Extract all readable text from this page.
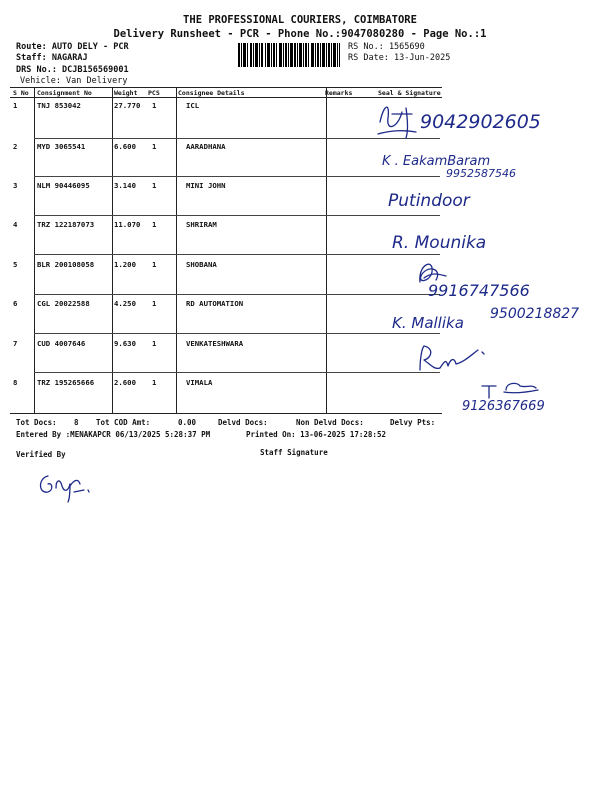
THE PROFESSIONAL COURIERS, COIMBATORE
Delivery Runsheet - PCR - Phone No.:9047080280 - Page No.:1
Route: AUTO DELY - PCR
Staff: NAGARAJ
DRS No.: DCJB156569001
Vehicle: Van Delivery
RS No.: 1565690
RS Date: 13-Jun-2025
S No Consignment No	Weight PCS	Consignee Details	Remarks	Seal & Signature
1	TNJ 853042	27.770 1	ICL
2	MYD 3065541	6.600 1	AARADHANA
3	NLM 90446095	3.140 1	MINI JOHN
4	TRZ 122187073	11.070 1	SHRIRAM
5	BLR 200108058	1.200 1	SHOBANA
6	CGL 20022588	4.250 1	RD AUTOMATION
7	CUD 4007646	9.630 1	VENKATESHWARA
8	TRZ 195265666	2.600 1	VIMALA
9042902605
K . EakamBaram
9952587546
Putindoor
R. Mounika
9916747566
K. Mallika 9500218827
9126367669
Tot Docs: 8 Tot COD Amt:	0.00	Delvd Docs:	Non Delvd Docs:	Delvy Pts:
Entered By :MENAKAPCR 06/13/2025 5:28:37 PM	Printed On: 13-06-2025 17:28:52
Verified By	Staff Signature
